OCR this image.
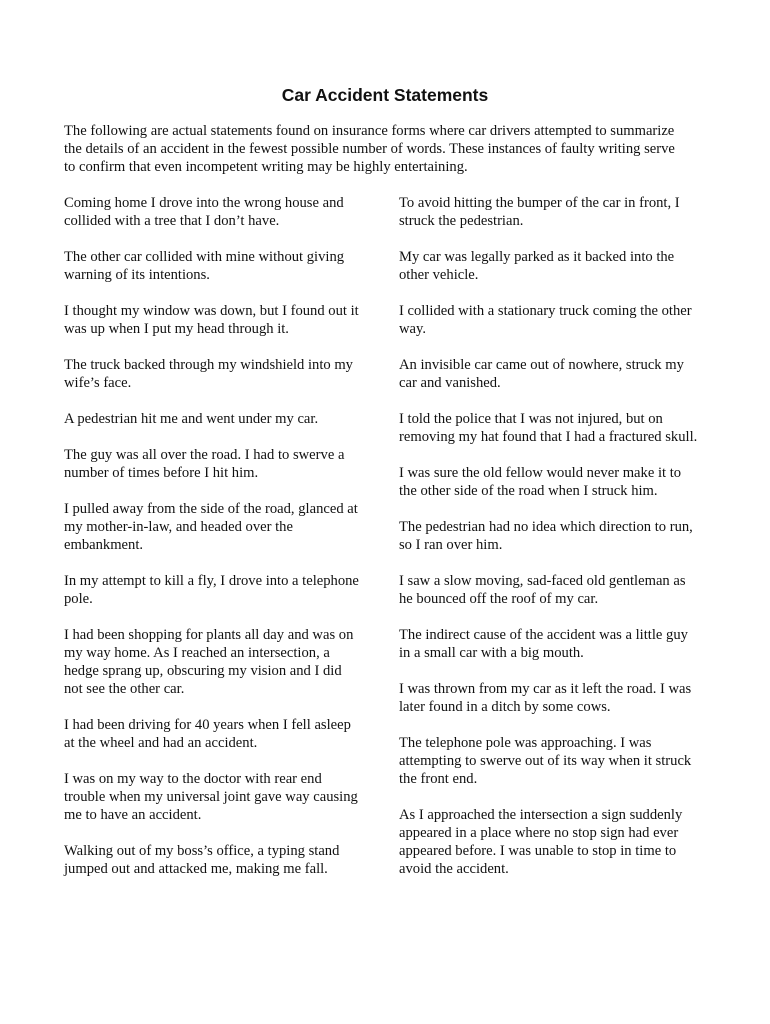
Car Accident Statements

The following are actual statements found on insurance forms where car drivers attempted to summarize
the details of an accident in the fewest possible number of words. These instances of faulty writing serve
to confirm that even incompetent writing may be highly entertaining.

Coming home I drove into the wrong house and
collided with a tree that I don’t have.

The other car collided with mine without giving
warning of its intentions.

I thought my window was down, but I found out it
was up when I put my head through it.

The truck backed through my windshield into my
wife’s face.

A pedestrian hit me and went under my car.

The guy was all over the road. I had to swerve a
number of times before I hit him.

I pulled away from the side of the road, glanced at
my mother-in-law, and headed over the
embankment.

In my attempt to kill a fly, I drove into a telephone
pole.

I had been shopping for plants all day and was on
my way home. As I reached an intersection, a
hedge sprang up, obscuring my vision and I did
not see the other car.

I had been driving for 40 years when I fell asleep
at the wheel and had an accident.

I was on my way to the doctor with rear end
trouble when my universal joint gave way causing
me to have an accident.

Walking out of my boss’s office, a typing stand
jumped out and attacked me, making me fall.

To avoid hitting the bumper of the car in front, I
struck the pedestrian.

My car was legally parked as it backed into the
other vehicle.

I collided with a stationary truck coming the other
way.

An invisible car came out of nowhere, struck my
car and vanished.

I told the police that I was not injured, but on
removing my hat found that I had a fractured skull.

I was sure the old fellow would never make it to
the other side of the road when I struck him.

The pedestrian had no idea which direction to run,
so I ran over him.

I saw a slow moving, sad-faced old gentleman as
he bounced off the roof of my car.

The indirect cause of the accident was a little guy
in a small car with a big mouth.

I was thrown from my car as it left the road. I was
later found in a ditch by some cows.

The telephone pole was approaching. I was
attempting to swerve out of its way when it struck
the front end.

As I approached the intersection a sign suddenly
appeared in a place where no stop sign had ever
appeared before. I was unable to stop in time to
avoid the accident.
